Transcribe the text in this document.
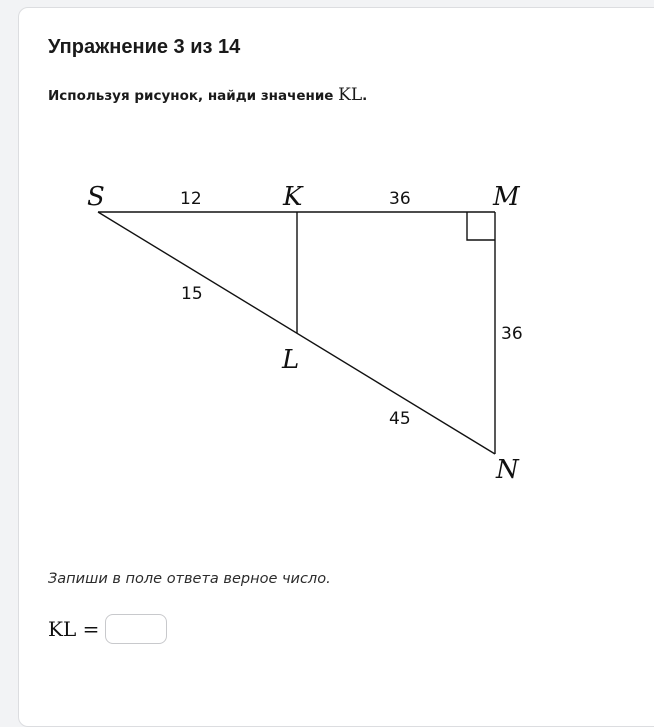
Упражнение 3 из 14

Используя рисунок, найди значение KL.

S	K	M
L
N
12	36
15
36
45

Запиши в поле ответа верное число.

KL =
